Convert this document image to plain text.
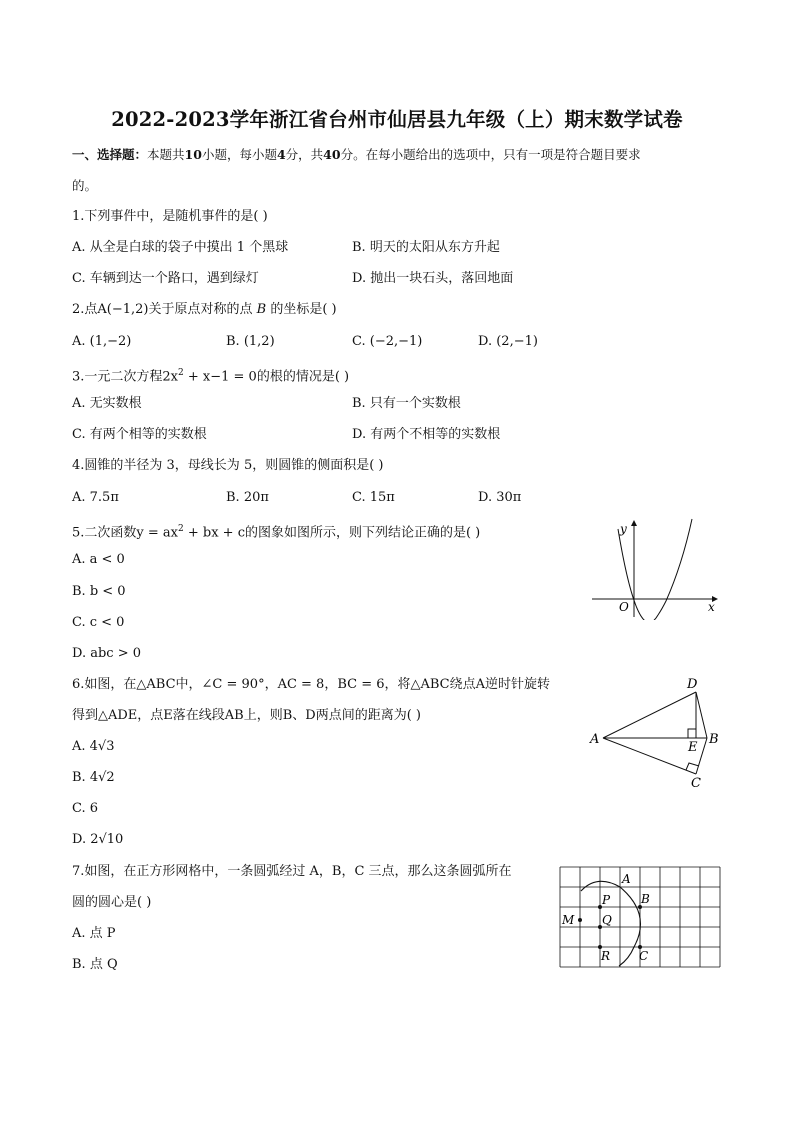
2022-2023学年浙江省台州市仙居县九年级（上）期末数学试卷
一、选择题：本题共10小题，每小题4分，共40分。在每小题给出的选项中，只有一项是符合题目要求
的。
1.下列事件中，是随机事件的是( )
A. 从全是白球的袋子中摸出 1 个黑球	B. 明天的太阳从东方升起
C. 车辆到达一个路口，遇到绿灯	D. 抛出一块石头，落回地面
2.点A(−1,2)关于原点对称的点 B 的坐标是( )
A. (1,−2)	B. (1,2)	C. (−2,−1)	D. (2,−1)
3.一元二次方程$2x^2 + x-1 = 0$的根的情况是( )
A. 无实数根	B. 只有一个实数根
C. 有两个相等的实数根	D. 有两个不相等的实数根
4.圆锥的半径为 3，母线长为 5，则圆锥的侧面积是( )
A. 7.5π	B. 20π	C. 15π	D. 30π
5.二次函数$y = ax^2$ + bx + c的图象如图所示，则下列结论正确的是( )
A. a < 0
B. b < 0
C. c < 0
D. abc > 0
y
x
O
6.如图，在△ABC中，∠C = 90°，AC = 8，BC = 6，将△ABC绕点A逆时针旋转
得到△ADE，点E落在线段AB上，则B、D两点间的距离为( )
A. 4√3
B. 4√2
C. 6
D. 2√10
A	B
C
D
E
7.如图，在正方形网格中，一条圆弧经过 A，B，C 三点，那么这条圆弧所在
圆的圆心是( )
A. 点 P
B. 点 Q
A
B
C
M
P
Q
R
